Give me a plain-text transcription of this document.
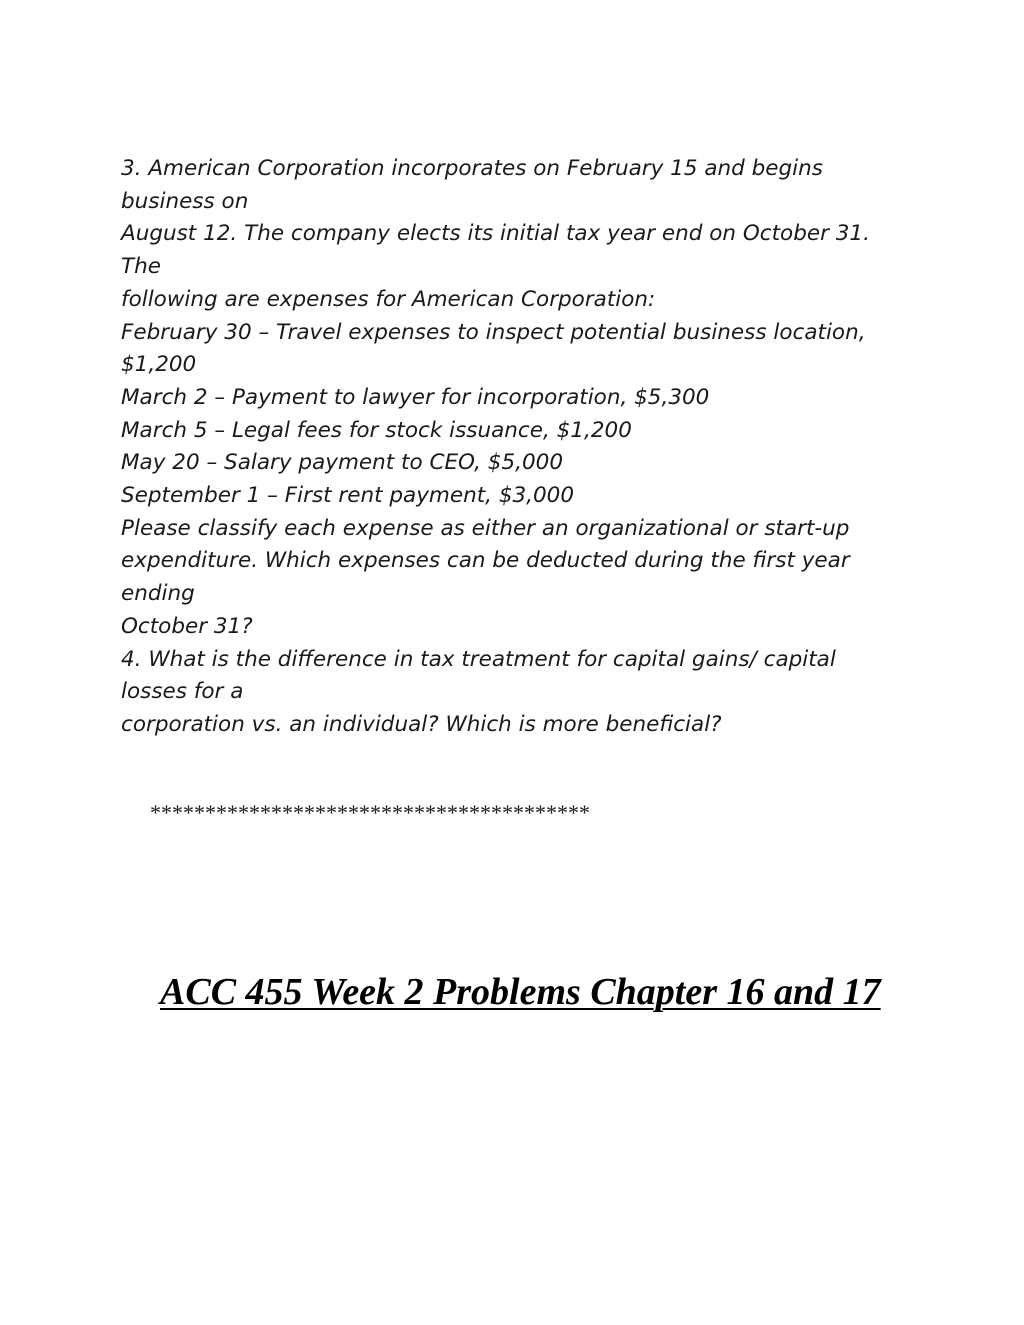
3. American Corporation incorporates on February 15 and begins
business on
August 12. The company elects its initial tax year end on October 31.
The
following are expenses for American Corporation:
February 30 – Travel expenses to inspect potential business location,
$1,200
March 2 – Payment to lawyer for incorporation, $5,300
March 5 – Legal fees for stock issuance, $1,200
May 20 – Salary payment to CEO, $5,000
September 1 – First rent payment, $3,000
Please classify each expense as either an organizational or start-up
expenditure. Which expenses can be deducted during the first year
ending
October 31?
4. What is the difference in tax treatment for capital gains/ capital
losses for a
corporation vs. an individual? Which is more beneficial?
****************************************
ACC 455 Week 2 Problems Chapter 16 and 17
